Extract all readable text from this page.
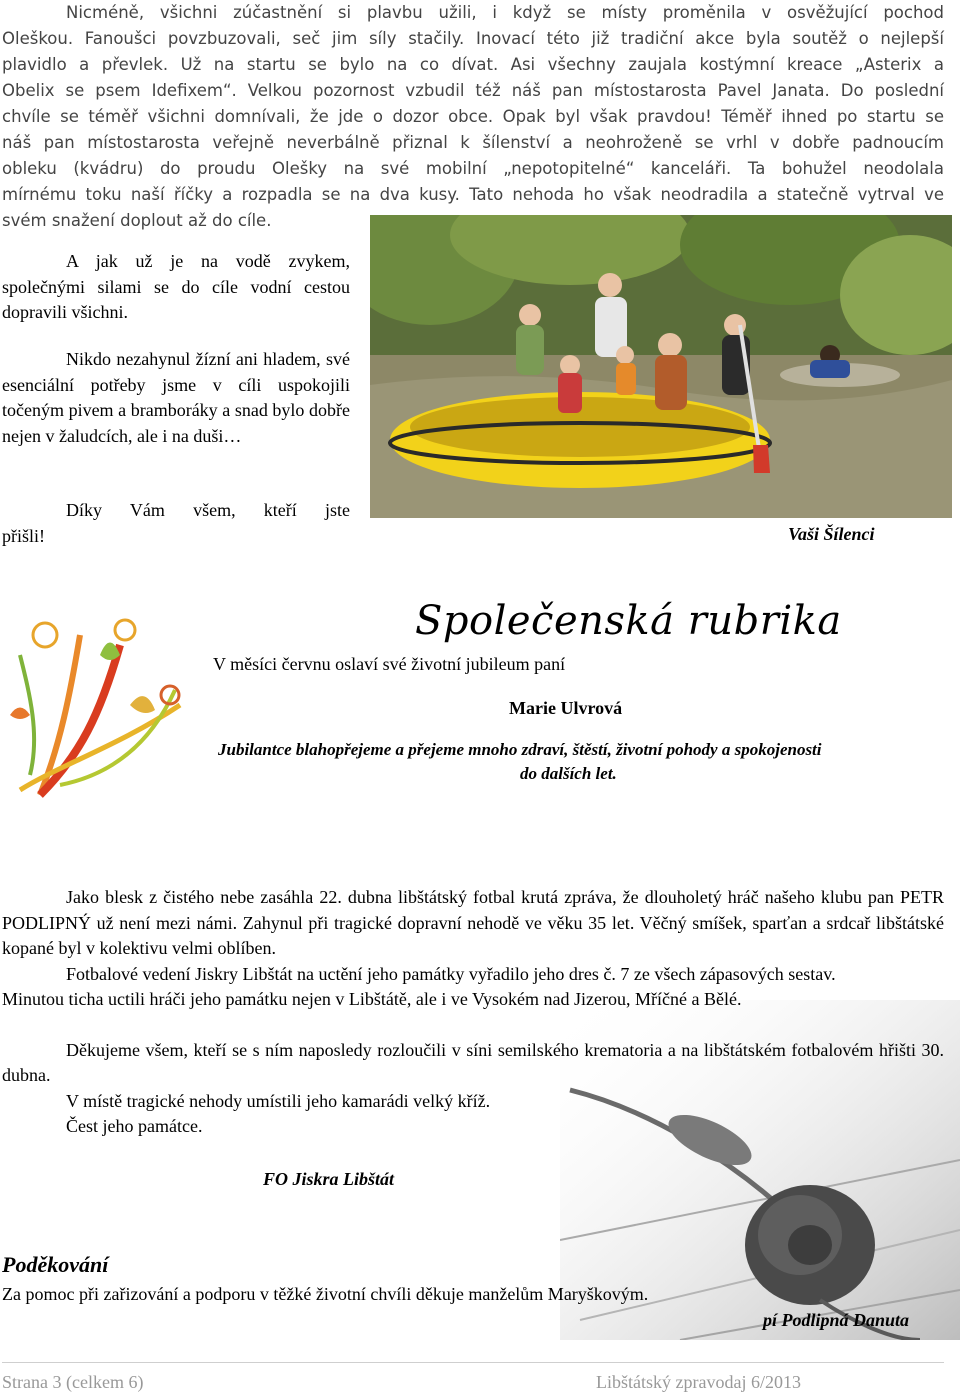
Nicméně, všichni zúčastnění si plavbu užili, i když se místy proměnila v osvěžující pochod
Oleškou. Fanoušci povzbuzovali, seč jim síly stačily. Inovací této již tradiční akce byla soutěž o nejlepší
plavidlo a převlek. Už na startu se bylo na co dívat. Asi všechny zaujala kostýmní kreace „Asterix a
Obelix se psem Idefixem“. Velkou pozornost vzbudil též náš pan místostarosta Pavel Janata. Do poslední
chvíle se téměř všichni domnívali, že jde o dozor obce. Opak byl však pravdou! Téměř ihned po startu se
náš pan místostarosta veřejně neverbálně přiznal k šílenství a neohroženě se vrhl v dobře padnoucím
obleku (kvádru) do proudu Olešky na své mobilní „nepotopitelné“ kanceláři. Ta bohužel neodolala
mírnému toku naší říčky a rozpadla se na dva kusy. Tato nehoda ho však neodradila a statečně vytrval ve
svém snažení doplout až do cíle.

A jak už je na vodě zvykem, společnými silami se do cíle vodní cestou dopravili všichni.

Nikdo nezahynul žízní ani hladem, své esenciální potřeby jsme v cíli uspokojili točeným pivem a bramboráky a snad bylo dobře nejen v žaludcích, ale i na duši…

Díky Vám všem, kteří jste
přišli!	Vaši Šílenci
Společenská rubrika
V měsíci červnu oslaví své životní jubileum paní
Marie Ulvrová
Jubilantce blahopřejeme a přejeme mnoho zdraví, štěstí, životní pohody a spokojenosti
do dalších let.

Jako blesk z čistého nebe zasáhla 22. dubna libštátský fotbal krutá zpráva, že dlouholetý hráč našeho klubu pan PETR PODLIPNÝ už není mezi námi. Zahynul při tragické dopravní nehodě ve věku 35 let. Věčný smíšek, sparťan a srdcař libštátské kopané byl v kolektivu velmi oblíben.

Fotbalové vedení Jiskry Libštát na uctění jeho památky vyřadilo jeho dres č. 7 ze všech zápasových sestav.

Minutou ticha uctili hráči jeho památku nejen v Libštátě, ale i ve Vysokém nad Jizerou, Mříčné a Bělé.

Děkujeme všem, kteří se s ním naposledy rozloučili v síni semilského krematoria a na libštátském fotbalovém hřišti 30. dubna.

V místě tragické nehody umístili jeho kamarádi velký kříž.

Čest jeho památce.

FO Jiskra Libštát
Poděkování
Za pomoc při zařizování a podporu v těžké životní chvíli děkuje manželům Maryškovým.
pí Podlipná Danuta
Strana 3 (celkem 6)	Libštátský zpravodaj 6/2013
